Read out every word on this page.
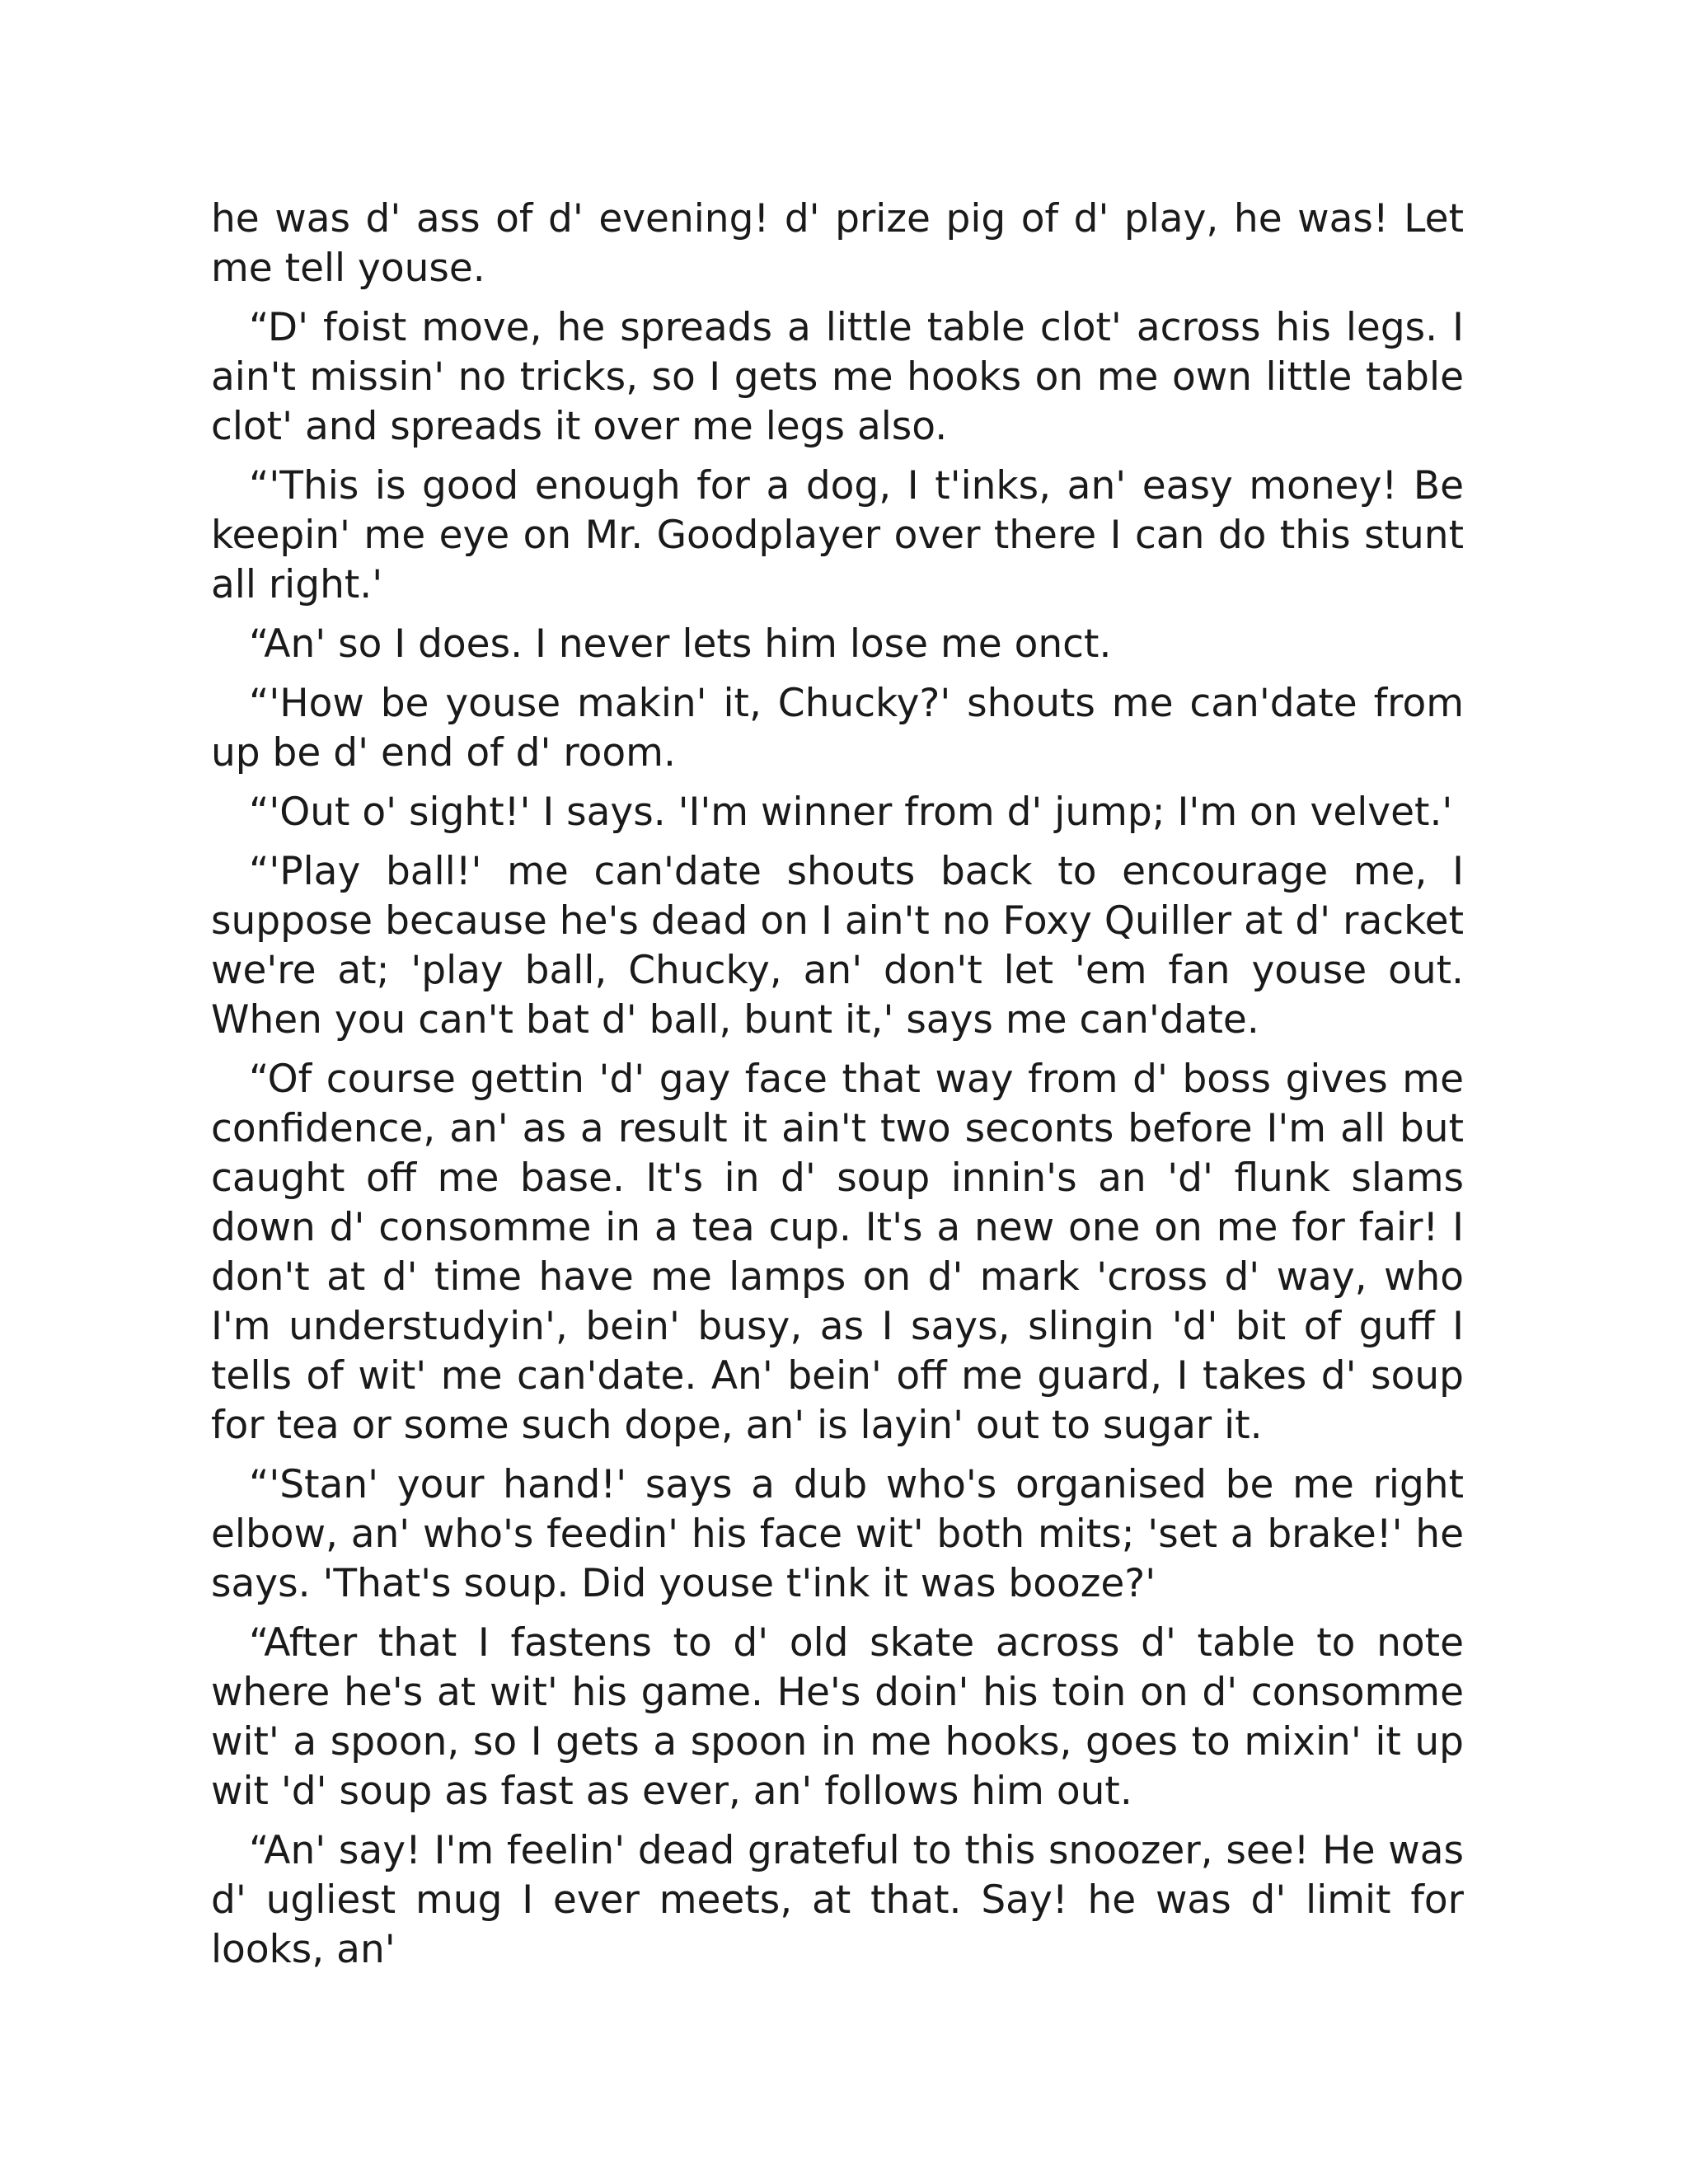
he was d' ass of d' evening! d' prize pig of d' play, he was! Let me tell youse.

“D' foist move, he spreads a little table clot' across his legs. I ain't missin' no tricks, so I gets me hooks on me own little table clot' and spreads it over me legs also.

“'This is good enough for a dog, I t'inks, an' easy money! Be keepin' me eye on Mr. Goodplayer over there I can do this stunt all right.'

“An' so I does. I never lets him lose me onct.

“'How be youse makin' it, Chucky?' shouts me can'date from up be d' end of d' room.

“'Out o' sight!' I says. 'I'm winner from d' jump; I'm on velvet.'

“'Play ball!' me can'date shouts back to encourage me, I suppose because he's dead on I ain't no Foxy Quiller at d' racket we're at; 'play ball, Chucky, an' don't let 'em fan youse out. When you can't bat d' ball, bunt it,' says me can'date.

“Of course gettin 'd' gay face that way from d' boss gives me confidence, an' as a result it ain't two seconts before I'm all but caught off me base. It's in d' soup innin's an 'd' flunk slams down d' consomme in a tea cup. It's a new one on me for fair! I don't at d' time have me lamps on d' mark 'cross d' way, who I'm understudyin', bein' busy, as I says, slingin 'd' bit of guff I tells of wit' me can'date. An' bein' off me guard, I takes d' soup for tea or some such dope, an' is layin' out to sugar it.

“'Stan' your hand!' says a dub who's organised be me right elbow, an' who's feedin' his face wit' both mits; 'set a brake!' he says. 'That's soup. Did youse t'ink it was booze?'

“After that I fastens to d' old skate across d' table to note where he's at wit' his game. He's doin' his toin on d' consomme wit' a spoon, so I gets a spoon in me hooks, goes to mixin' it up wit 'd' soup as fast as ever, an' follows him out.

“An' say! I'm feelin' dead grateful to this snoozer, see! He was d' ugliest mug I ever meets, at that. Say! he was d' limit for looks, an'
